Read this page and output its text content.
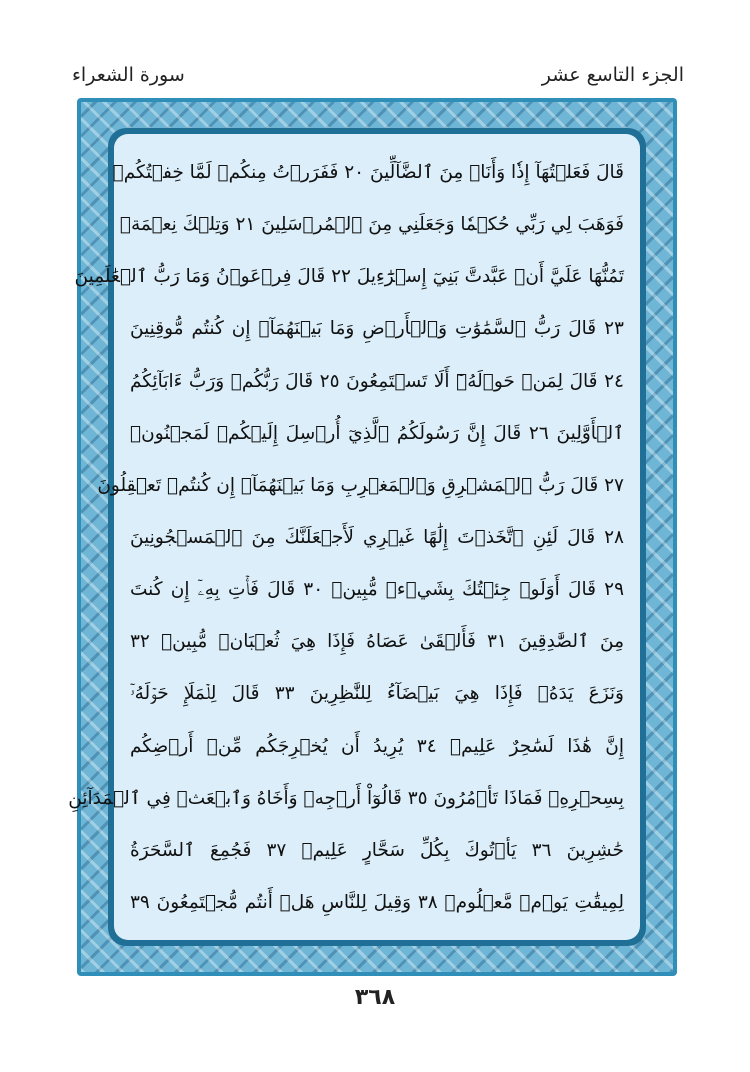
سورة الشعراء	الجزء التاسع عشر
قَالَ فَعَلۡتُهَآ إِذٗا وَأَنَا۠ مِنَ ٱلضَّآلِّينَ ٢٠ فَفَرَرۡتُ مِنكُمۡ لَمَّا خِفۡتُكُمۡ
فَوَهَبَ لِي رَبِّي حُكۡمٗا وَجَعَلَنِي مِنَ ٱلۡمُرۡسَلِينَ ٢١ وَتِلۡكَ نِعۡمَةٞ
تَمُنُّهَا عَلَيَّ أَنۡ عَبَّدتَّ بَنِيٓ إِسۡرَٰٓءِيلَ ٢٢ قَالَ فِرۡعَوۡنُ وَمَا رَبُّ ٱلۡعَٰلَمِينَ
٢٣ قَالَ رَبُّ ٱلسَّمَٰوَٰتِ وَٱلۡأَرۡضِ وَمَا بَيۡنَهُمَآۖ إِن كُنتُم مُّوقِنِينَ
٢٤ قَالَ لِمَنۡ حَوۡلَهُۥٓ أَلَا تَسۡتَمِعُونَ ٢٥ قَالَ رَبُّكُمۡ وَرَبُّ ءَابَآئِكُمُ
ٱلۡأَوَّلِينَ ٢٦ قَالَ إِنَّ رَسُولَكُمُ ٱلَّذِيٓ أُرۡسِلَ إِلَيۡكُمۡ لَمَجۡنُونٞ
٢٧ قَالَ رَبُّ ٱلۡمَشۡرِقِ وَٱلۡمَغۡرِبِ وَمَا بَيۡنَهُمَآۖ إِن كُنتُمۡ تَعۡقِلُونَ
٢٨ قَالَ لَئِنِ ٱتَّخَذۡتَ إِلَٰهًا غَيۡرِي لَأَجۡعَلَنَّكَ مِنَ ٱلۡمَسۡجُونِينَ
٢٩ قَالَ أَوَلَوۡ جِئۡتُكَ بِشَيۡءٖ مُّبِينٖ ٣٠ قَالَ فَأۡتِ بِهِۦٓ إِن كُنتَ
مِنَ ٱلصَّٰدِقِينَ ٣١ فَأَلۡقَىٰ عَصَاهُ فَإِذَا هِيَ ثُعۡبَانٞ مُّبِينٞ ٣٢
وَنَزَعَ يَدَهُۥ فَإِذَا هِيَ بَيۡضَآءُ لِلنَّٰظِرِينَ ٣٣ قَالَ لِلۡمَلَإِ حَوۡلَهُۥٓ
إِنَّ هَٰذَا لَسَٰحِرٌ عَلِيمٞ ٣٤ يُرِيدُ أَن يُخۡرِجَكُم مِّنۡ أَرۡضِكُم
بِسِحۡرِهِۦ فَمَاذَا تَأۡمُرُونَ ٣٥ قَالُوٓاْ أَرۡجِهۡ وَأَخَاهُ وَٱبۡعَثۡ فِي ٱلۡمَدَآئِنِ
حَٰشِرِينَ ٣٦ يَأۡتُوكَ بِكُلِّ سَحَّارٍ عَلِيمٖ ٣٧ فَجُمِعَ ٱلسَّحَرَةُ
لِمِيقَٰتِ يَوۡمٖ مَّعۡلُومٖ ٣٨ وَقِيلَ لِلنَّاسِ هَلۡ أَنتُم مُّجۡتَمِعُونَ ٣٩
٣٦٨
